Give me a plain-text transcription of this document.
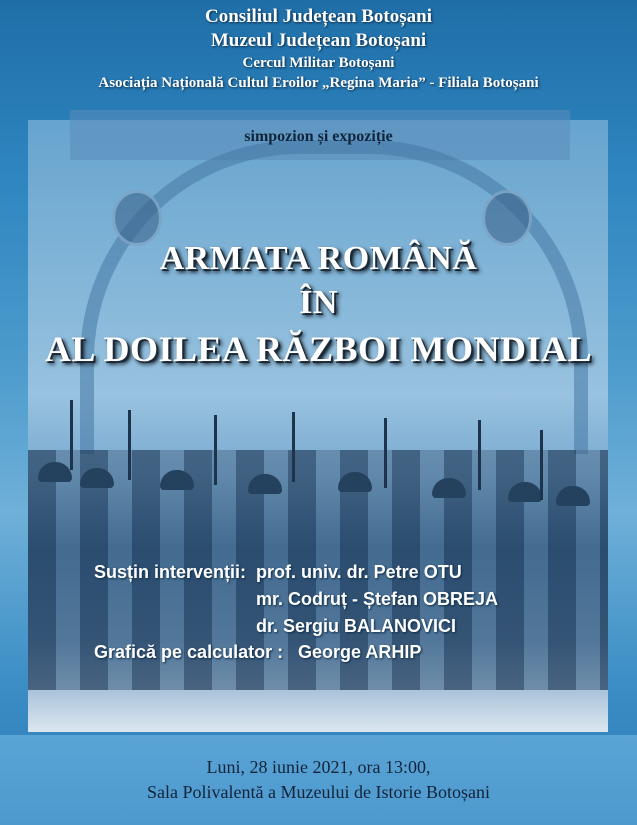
Consiliul Județean Botoșani
Muzeul Județean Botoșani
Cercul Militar Botoșani
Asociația Națională Cultul Eroilor „Regina Maria” - Filiala Botoșani
simpozion și expoziție
ARMATA ROMÂNĂ
ÎN
AL DOILEA RĂZBOI MONDIAL
Susțin intervenții: prof. univ. dr. Petre OTU
mr. Codruț - Ștefan OBREJA
dr. Sergiu BALANOVICI
Grafică pe calculator : George ARHIP
Luni, 28 iunie 2021, ora 13:00,
Sala Polivalentă a Muzeului de Istorie Botoșani
